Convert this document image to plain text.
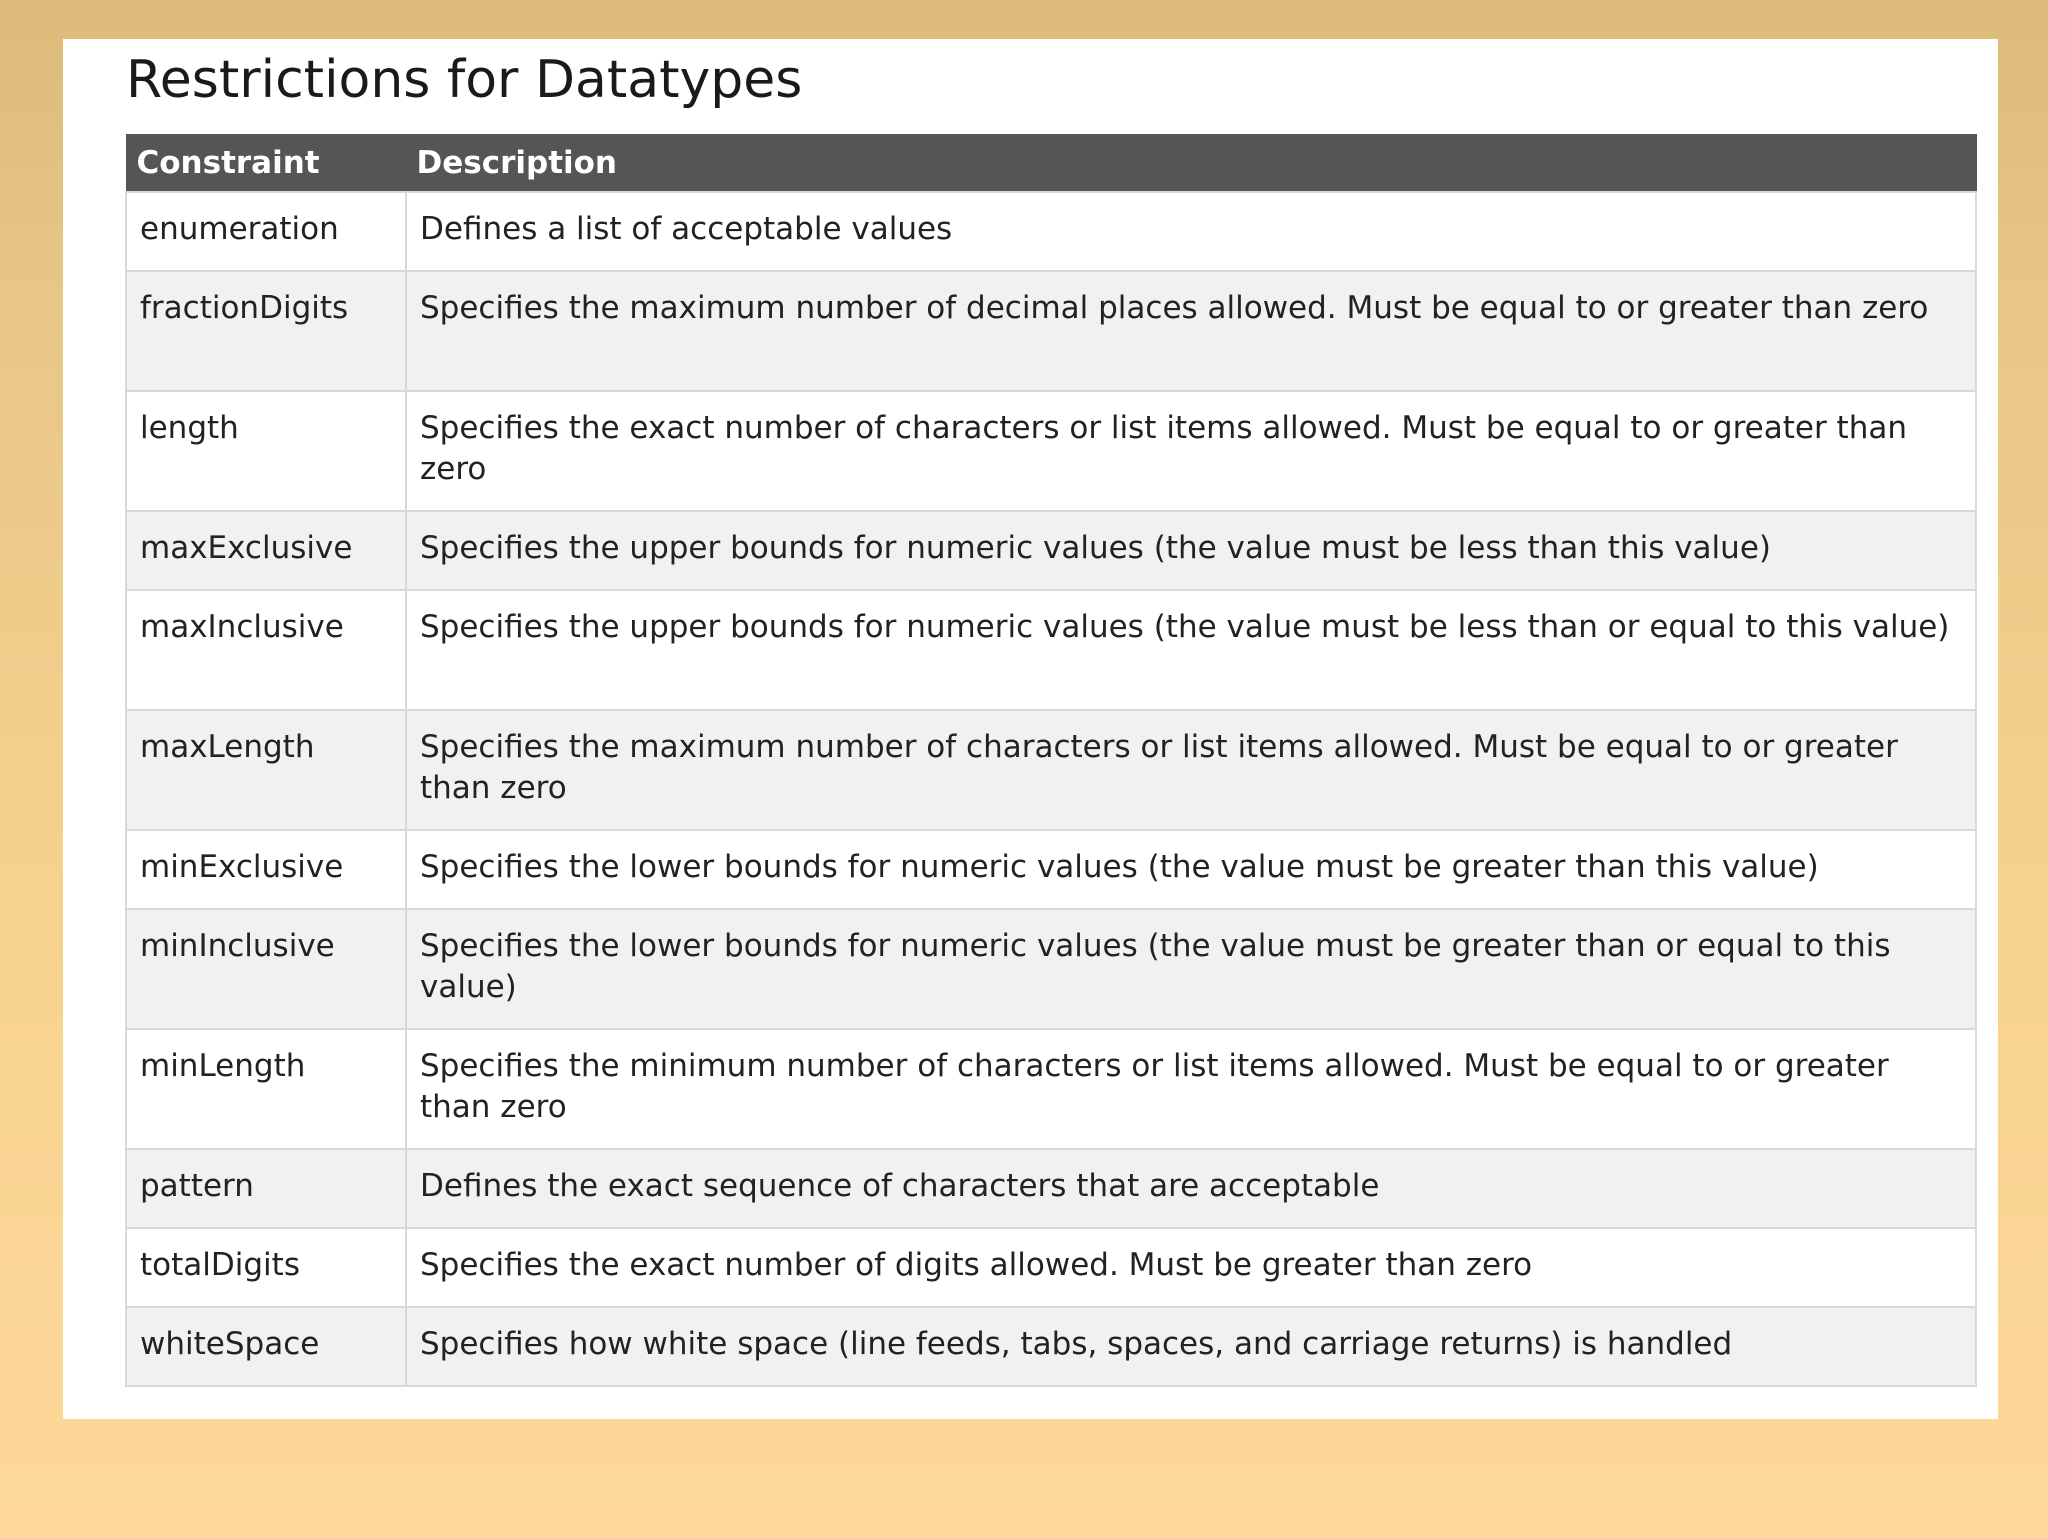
Restrictions for Datatypes
Constraint	Description
enumeration	Defines a list of acceptable values
fractionDigits	Specifies the maximum number of decimal places allowed. Must be equal to or greater than zero
length	Specifies the exact number of characters or list items allowed. Must be equal to or greater than zero
maxExclusive	Specifies the upper bounds for numeric values (the value must be less than this value)
maxInclusive	Specifies the upper bounds for numeric values (the value must be less than or equal to this value)
maxLength	Specifies the maximum number of characters or list items allowed. Must be equal to or greater than zero
minExclusive	Specifies the lower bounds for numeric values (the value must be greater than this value)
minInclusive	Specifies the lower bounds for numeric values (the value must be greater than or equal to this value)
minLength	Specifies the minimum number of characters or list items allowed. Must be equal to or greater than zero
pattern	Defines the exact sequence of characters that are acceptable
totalDigits	Specifies the exact number of digits allowed. Must be greater than zero
whiteSpace	Specifies how white space (line feeds, tabs, spaces, and carriage returns) is handled
